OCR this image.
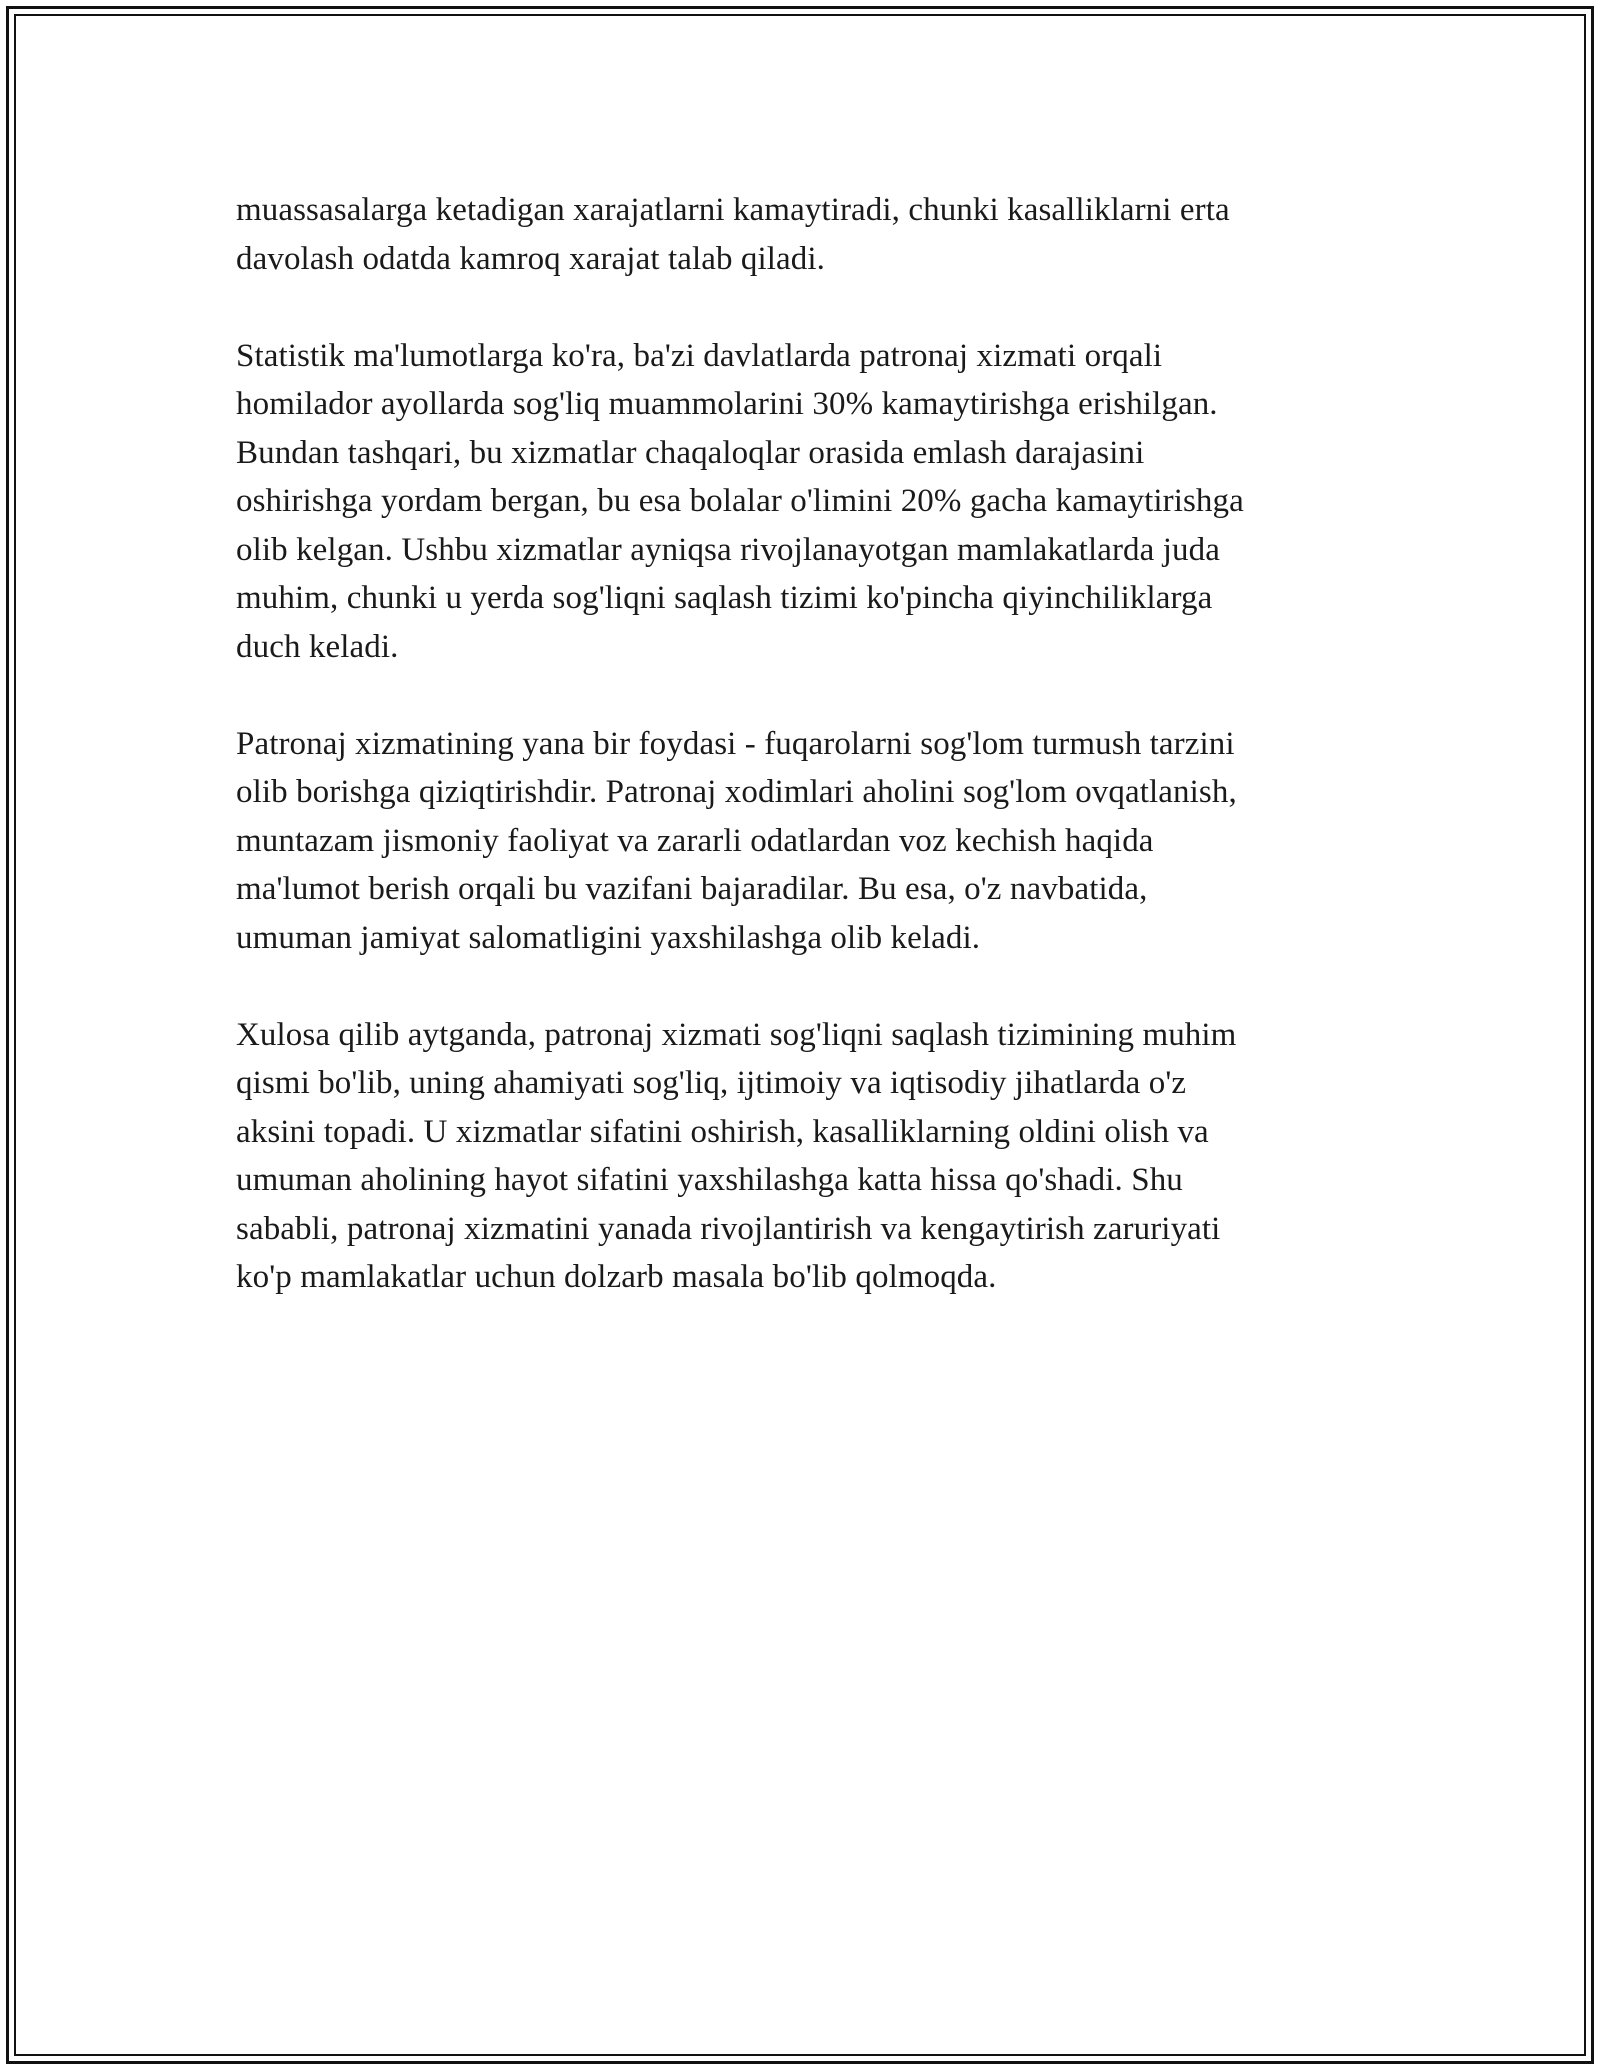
muassasalarga ketadigan xarajatlarni kamaytiradi, chunki kasalliklarni erta
davolash odatda kamroq xarajat talab qiladi.

Statistik ma'lumotlarga ko'ra, ba'zi davlatlarda patronaj xizmati orqali
homilador ayollarda sog'liq muammolarini 30% kamaytirishga erishilgan.
Bundan tashqari, bu xizmatlar chaqaloqlar orasida emlash darajasini
oshirishga yordam bergan, bu esa bolalar o'limini 20% gacha kamaytirishga
olib kelgan. Ushbu xizmatlar ayniqsa rivojlanayotgan mamlakatlarda juda
muhim, chunki u yerda sog'liqni saqlash tizimi ko'pincha qiyinchiliklarga
duch keladi.

Patronaj xizmatining yana bir foydasi - fuqarolarni sog'lom turmush tarzini
olib borishga qiziqtirishdir. Patronaj xodimlari aholini sog'lom ovqatlanish,
muntazam jismoniy faoliyat va zararli odatlardan voz kechish haqida
ma'lumot berish orqali bu vazifani bajaradilar. Bu esa, o'z navbatida,
umuman jamiyat salomatligini yaxshilashga olib keladi.

Xulosa qilib aytganda, patronaj xizmati sog'liqni saqlash tizimining muhim
qismi bo'lib, uning ahamiyati sog'liq, ijtimoiy va iqtisodiy jihatlarda o'z
aksini topadi. U xizmatlar sifatini oshirish, kasalliklarning oldini olish va
umuman aholining hayot sifatini yaxshilashga katta hissa qo'shadi. Shu
sababli, patronaj xizmatini yanada rivojlantirish va kengaytirish zaruriyati
ko'p mamlakatlar uchun dolzarb masala bo'lib qolmoqda.
